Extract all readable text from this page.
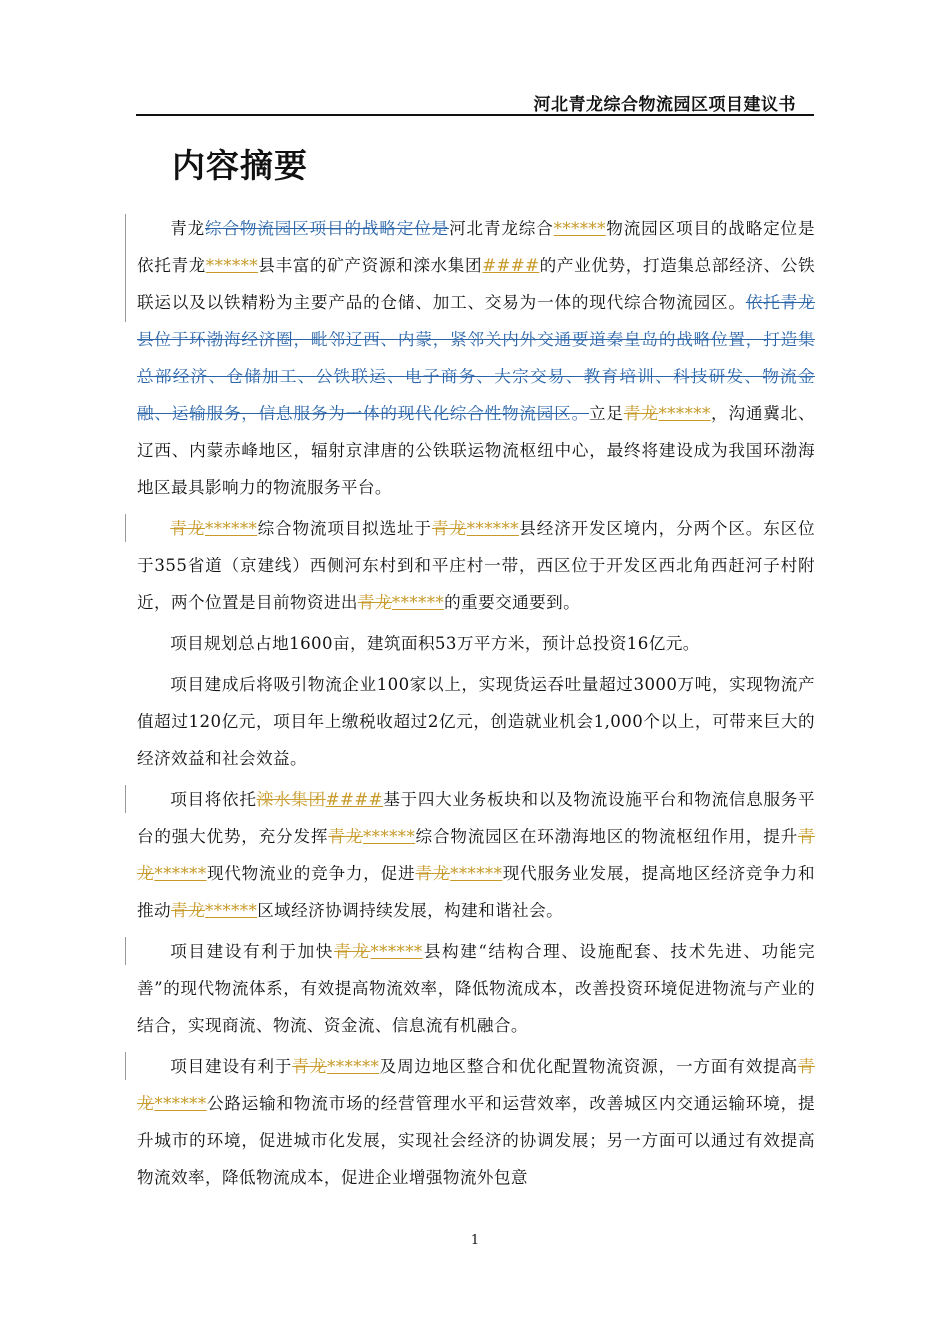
河北青龙综合物流园区项目建议书
内容摘要

青龙综合物流园区项目的战略定位是河北青龙综合******物流园区项目的战略定位是依托青龙******县丰富的矿产资源和滦水集团####的产业优势，打造集总部经济、公铁联运以及以铁精粉为主要产品的仓储、加工、交易为一体的现代综合物流园区。依托青龙县位于环渤海经济圈，毗邻辽西、内蒙，紧邻关内外交通要道秦皇岛的战略位置，打造集总部经济、仓储加工、公铁联运、电子商务、大宗交易、教育培训、科技研发、物流金融、运输服务，信息服务为一体的现代化综合性物流园区。立足青龙******，沟通冀北、辽西、内蒙赤峰地区，辐射京津唐的公铁联运物流枢纽中心，最终将建设成为我国环渤海地区最具影响力的物流服务平台。

青龙******综合物流项目拟选址于青龙******县经济开发区境内，分两个区。东区位于355省道（京建线）西侧河东村到和平庄村一带，西区位于开发区西北角西赶河子村附近，两个位置是目前物资进出青龙******的重要交通要到。

项目规划总占地1600亩，建筑面积53万平方米，预计总投资16亿元。

项目建成后将吸引物流企业100家以上，实现货运吞吐量超过3000万吨，实现物流产值超过120亿元，项目年上缴税收超过2亿元，创造就业机会1,000个以上，可带来巨大的经济效益和社会效益。

项目将依托滦水集团####基于四大业务板块和以及物流设施平台和物流信息服务平台的强大优势，充分发挥青龙******综合物流园区在环渤海地区的物流枢纽作用，提升青龙******现代物流业的竞争力，促进青龙******现代服务业发展，提高地区经济竞争力和推动青龙******区域经济协调持续发展，构建和谐社会。

项目建设有利于加快青龙******县构建“结构合理、设施配套、技术先进、功能完善”的现代物流体系，有效提高物流效率，降低物流成本，改善投资环境促进物流与产业的结合，实现商流、物流、资金流、信息流有机融合。

项目建设有利于青龙******及周边地区整合和优化配置物流资源，一方面有效提高青龙******公路运输和物流市场的经营管理水平和运营效率，改善城区内交通运输环境，提升城市的环境，促进城市化发展，实现社会经济的协调发展；另一方面可以通过有效提高物流效率，降低物流成本，促进企业增强物流外包意

1
